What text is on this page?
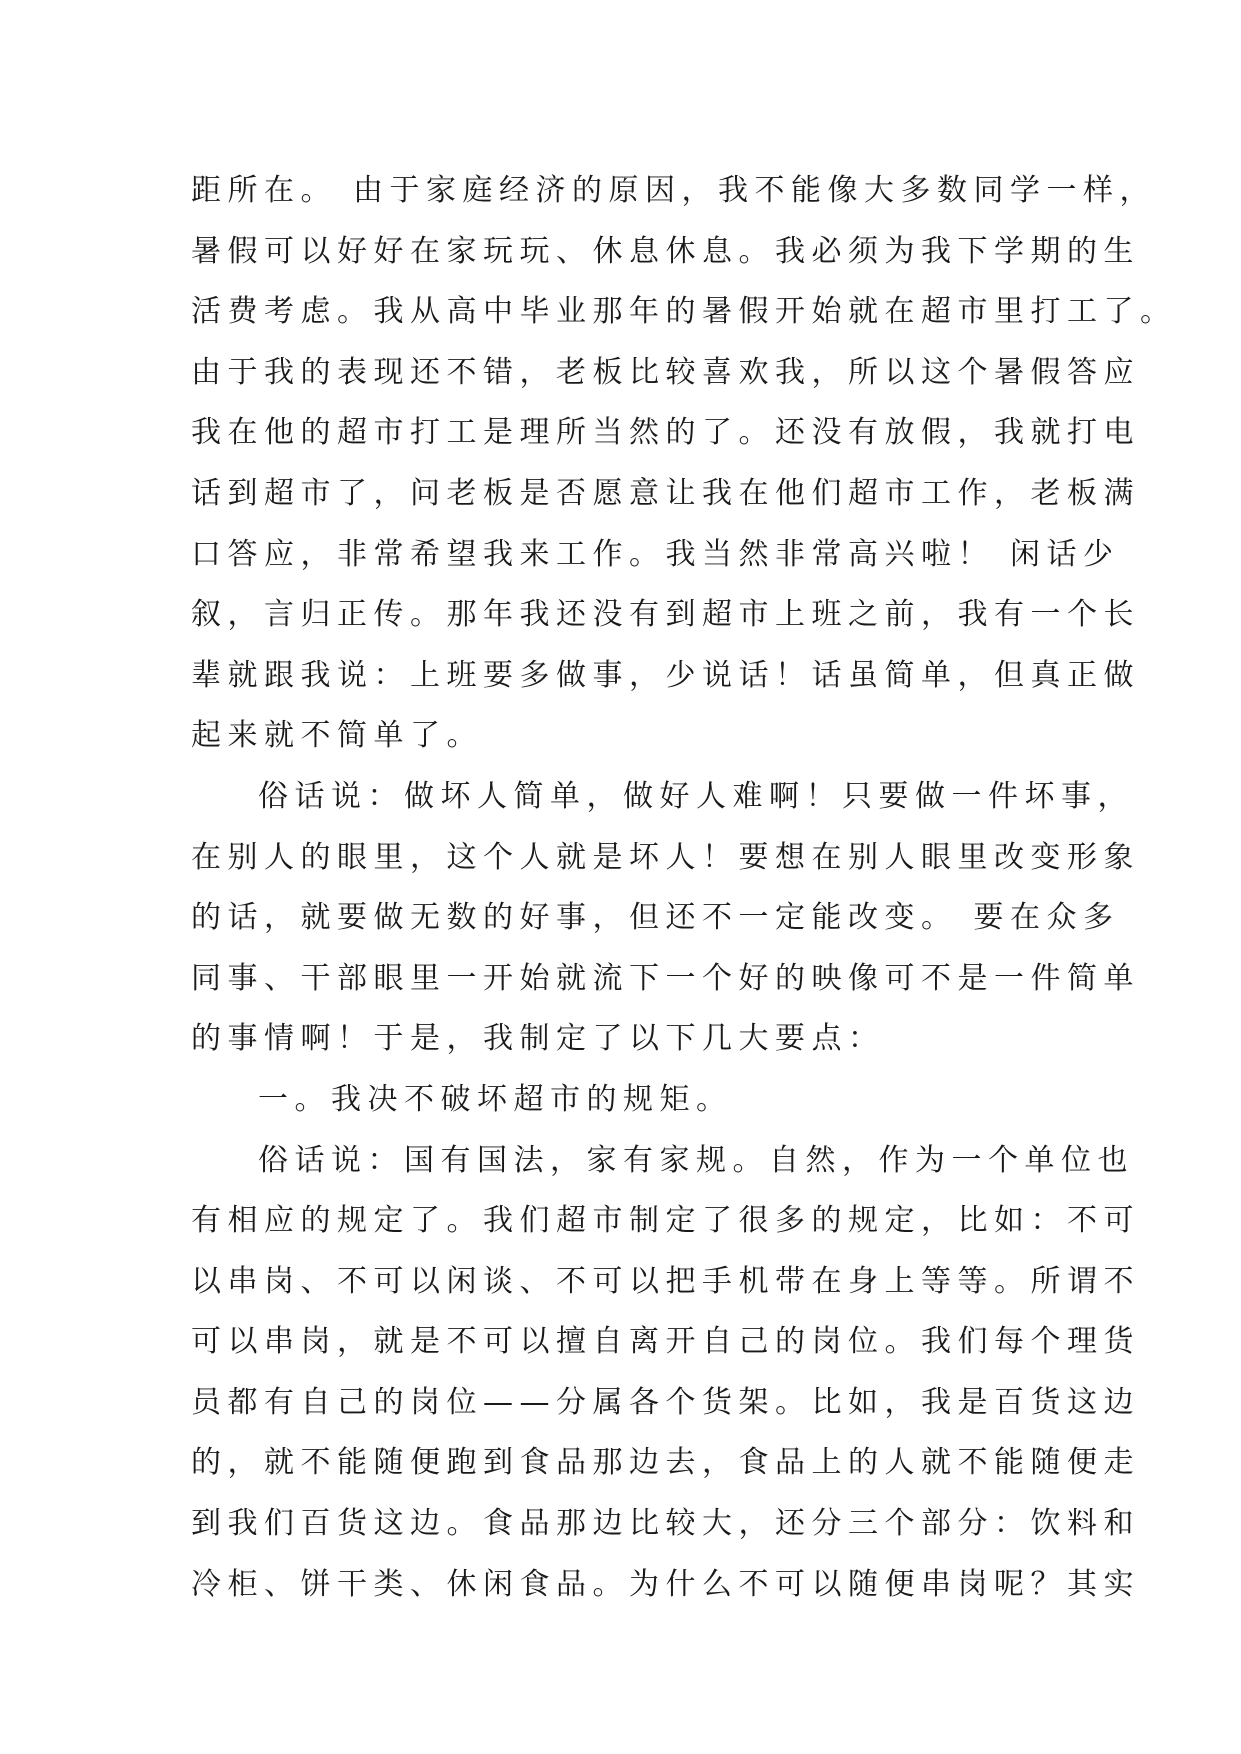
距所在。 由于家庭经济的原因，我不能像大多数同学一样，
暑假可以好好在家玩玩、休息休息。我必须为我下学期的生
活费考虑。我从高中毕业那年的暑假开始就在超市里打工了。
由于我的表现还不错，老板比较喜欢我，所以这个暑假答应
我在他的超市打工是理所当然的了。还没有放假，我就打电
话到超市了，问老板是否愿意让我在他们超市工作，老板满
口答应，非常希望我来工作。我当然非常高兴啦！ 闲话少
叙，言归正传。那年我还没有到超市上班之前，我有一个长
辈就跟我说：上班要多做事，少说话！话虽简单，但真正做
起来就不简单了。
俗话说：做坏人简单，做好人难啊！只要做一件坏事，
在别人的眼里，这个人就是坏人！要想在别人眼里改变形象
的话，就要做无数的好事，但还不一定能改变。 要在众多
同事、干部眼里一开始就流下一个好的映像可不是一件简单
的事情啊！于是，我制定了以下几大要点：
一。我决不破坏超市的规矩。
俗话说：国有国法，家有家规。自然，作为一个单位也
有相应的规定了。我们超市制定了很多的规定，比如：不可
以串岗、不可以闲谈、不可以把手机带在身上等等。所谓不
可以串岗，就是不可以擅自离开自己的岗位。我们每个理货
员都有自己的岗位——分属各个货架。比如，我是百货这边
的，就不能随便跑到食品那边去，食品上的人就不能随便走
到我们百货这边。食品那边比较大，还分三个部分：饮料和
冷柜、饼干类、休闲食品。为什么不可以随便串岗呢？其实
